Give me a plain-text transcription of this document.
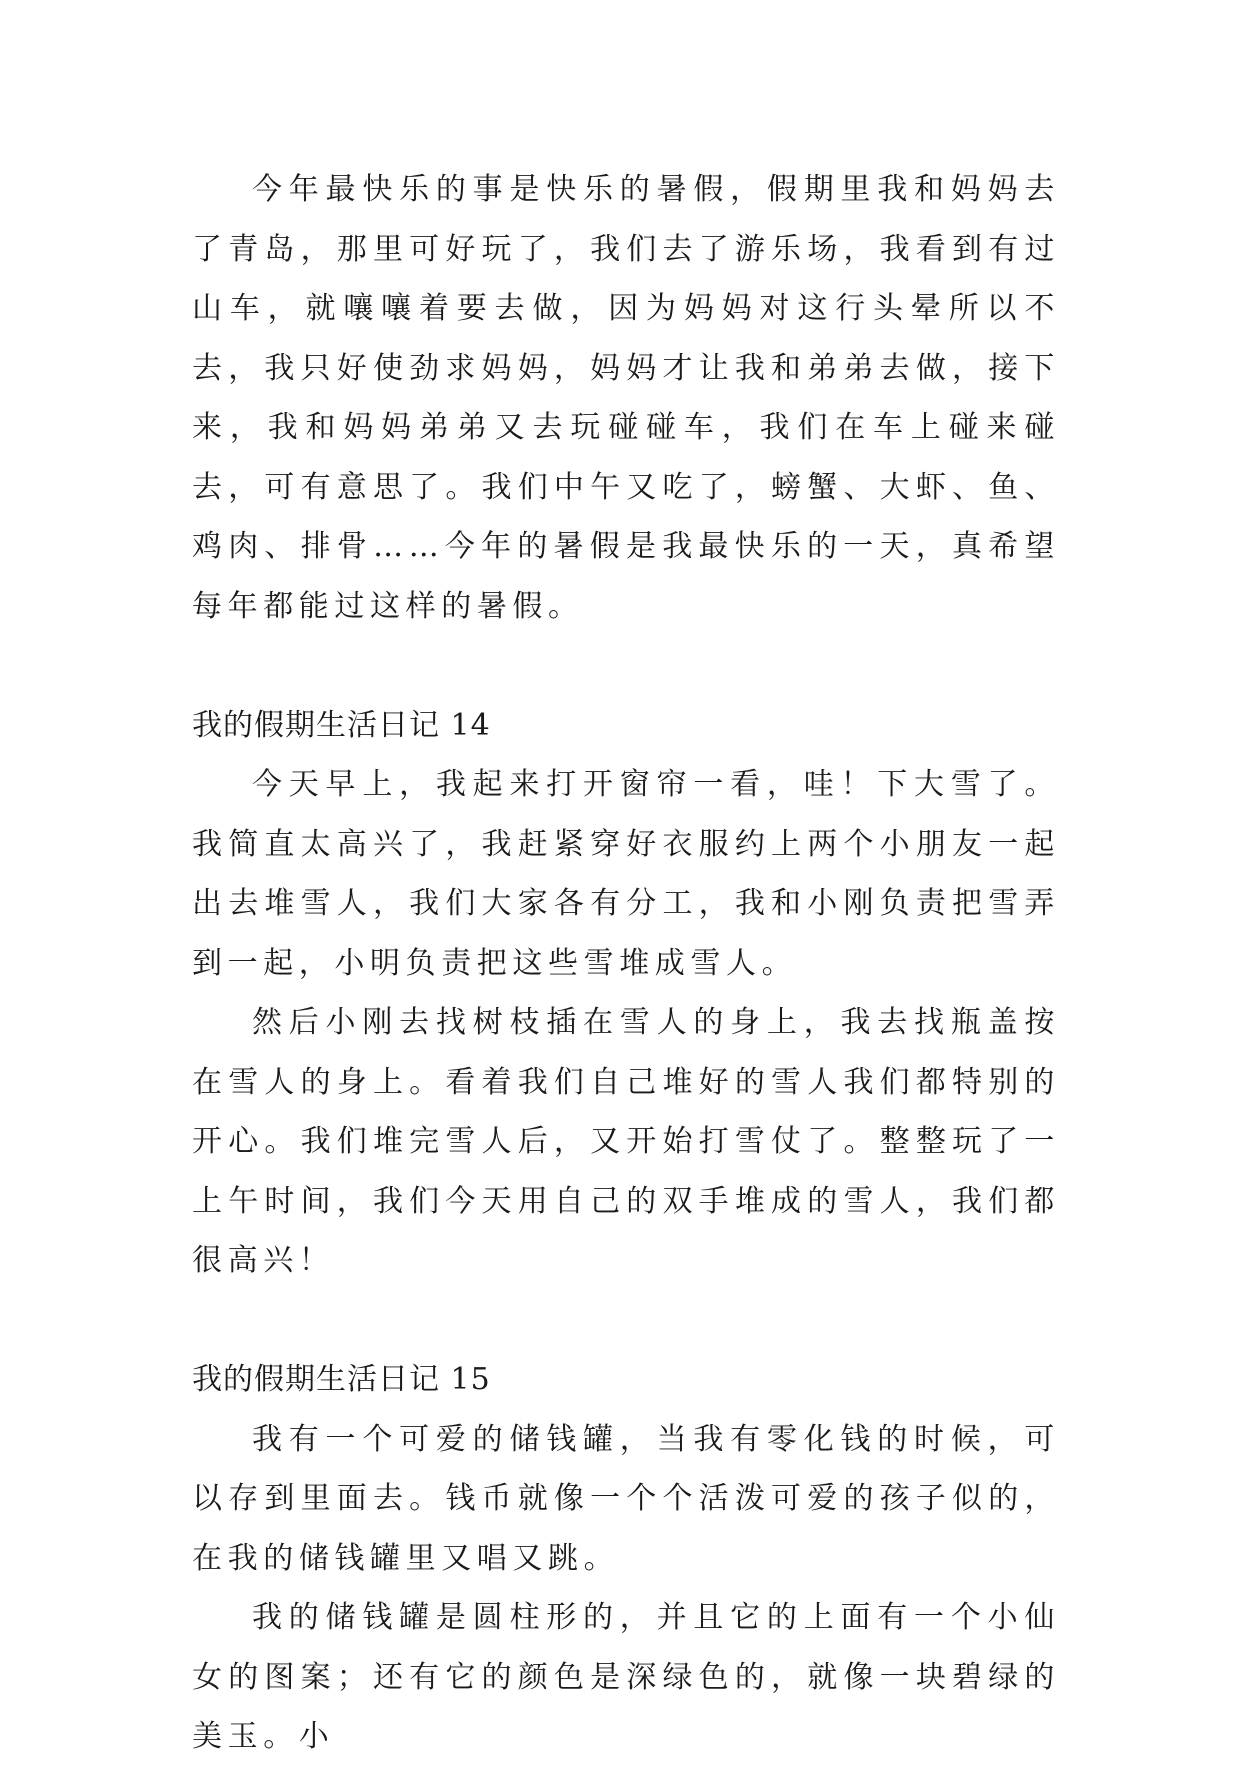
今年最快乐的事是快乐的暑假，假期里我和妈妈去了青岛，那里可好玩了，我们去了游乐场，我看到有过山车，就嚷嚷着要去做，因为妈妈对这行头晕所以不去，我只好使劲求妈妈，妈妈才让我和弟弟去做，接下来，我和妈妈弟弟又去玩碰碰车，我们在车上碰来碰去，可有意思了。我们中午又吃了，螃蟹、大虾、鱼、鸡肉、排骨……今年的暑假是我最快乐的一天，真希望每年都能过这样的暑假。

我的假期生活日记 14

今天早上，我起来打开窗帘一看，哇！下大雪了。我简直太高兴了，我赶紧穿好衣服约上两个小朋友一起出去堆雪人，我们大家各有分工，我和小刚负责把雪弄到一起，小明负责把这些雪堆成雪人。

然后小刚去找树枝插在雪人的身上，我去找瓶盖按在雪人的身上。看着我们自己堆好的雪人我们都特别的开心。我们堆完雪人后，又开始打雪仗了。整整玩了一上午时间，我们今天用自己的双手堆成的雪人，我们都很高兴！

我的假期生活日记 15

我有一个可爱的储钱罐，当我有零化钱的时候，可以存到里面去。钱币就像一个个活泼可爱的孩子似的，在我的储钱罐里又唱又跳。

我的储钱罐是圆柱形的，并且它的上面有一个小仙女的图案；还有它的颜色是深绿色的，就像一块碧绿的美玉。小
